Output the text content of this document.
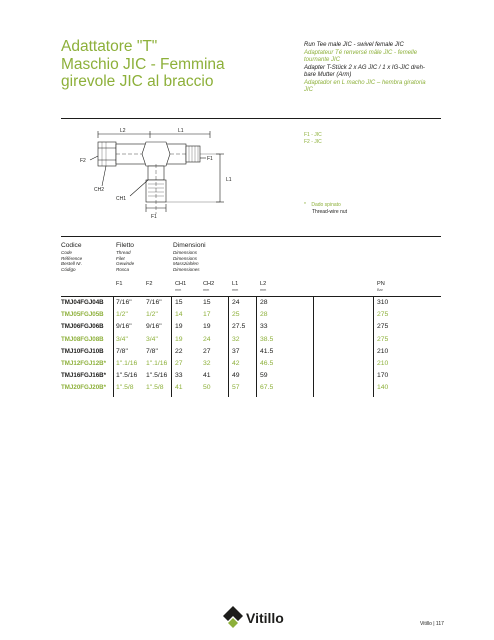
Adattatore "T"
Maschio JIC - Femmina
girevole JIC al braccio
Run Tee male JIC - swivel female JIC
Adaptateur Té renversé mâle JIC - femelle
tournante JIC
Adapter T-Stück 2 x AG JIC / 1 x IG-JIC dreh-
bare Mutter (Arm)
Adaptador en L macho JIC – hembra giratoria
JIC
L2	L1
F2	F1
CH2
CH1
L1
F1
F1 - JIC
F2 - JIC
* Dado spinato
Thread-wire nut
Codice
Code
Référence
Bestell Nr.
Código
Filetto
Thread
Filet
Gewinde
Rosca
Dimensioni
Dimensions
Dimensions
Massziahlen
Dimensiones
F1	F2	CH1	CH2	L1	L2	PN
mm	mm	mm	mm	Bar
TMJ04FGJ04B 7/16" 7/16" 15	15	24	28	310
TMJ05FGJ05B 1/2"	1/2"	14	17	25	28	275
TMJ06FGJ06B 9/16" 9/16" 19	19	27.5 33	275
TMJ08FGJ08B 3/4"	3/4"	19	24	32	38.5	275
TMJ10FGJ10B 7/8"	7/8"	22	27	37	41.5	210
TMJ12FGJ12B* 1".1/16 1".1/16 27	32	42	46.5	210
TMJ16FGJ16B* 1".5/16 1".5/16 33	41	49	59	170
TMJ20FGJ20B* 1".5/8 1".5/8 41	50	57	67.5	140
Vitillo	Vitillo | 117
